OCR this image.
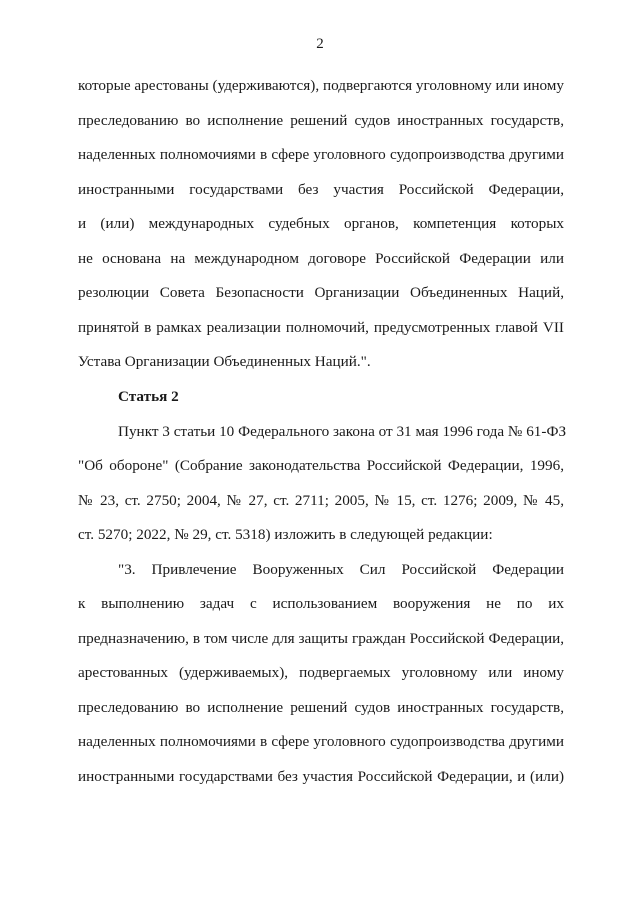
2
которые арестованы (удерживаются), подвергаются уголовному или иному
преследованию во исполнение решений судов иностранных государств,
наделенных полномочиями в сфере уголовного судопроизводства другими
иностранными государствами без участия Российской Федерации,
и (или) международных судебных органов, компетенция которых
не основана на международном договоре Российской Федерации или
резолюции Совета Безопасности Организации Объединенных Наций,
принятой в рамках реализации полномочий, предусмотренных главой VII
Устава Организации Объединенных Наций.".
Статья 2
Пункт 3 статьи 10 Федерального закона от 31 мая 1996 года № 61-ФЗ
"Об обороне" (Собрание законодательства Российской Федерации, 1996,
№ 23, ст. 2750; 2004, № 27, ст. 2711; 2005, № 15, ст. 1276; 2009, № 45,
ст. 5270; 2022, № 29, ст. 5318) изложить в следующей редакции:
"3. Привлечение Вооруженных Сил Российской Федерации
к выполнению задач с использованием вооружения не по их
предназначению, в том числе для защиты граждан Российской Федерации,
арестованных (удерживаемых), подвергаемых уголовному или иному
преследованию во исполнение решений судов иностранных государств,
наделенных полномочиями в сфере уголовного судопроизводства другими
иностранными государствами без участия Российской Федерации, и (или)
